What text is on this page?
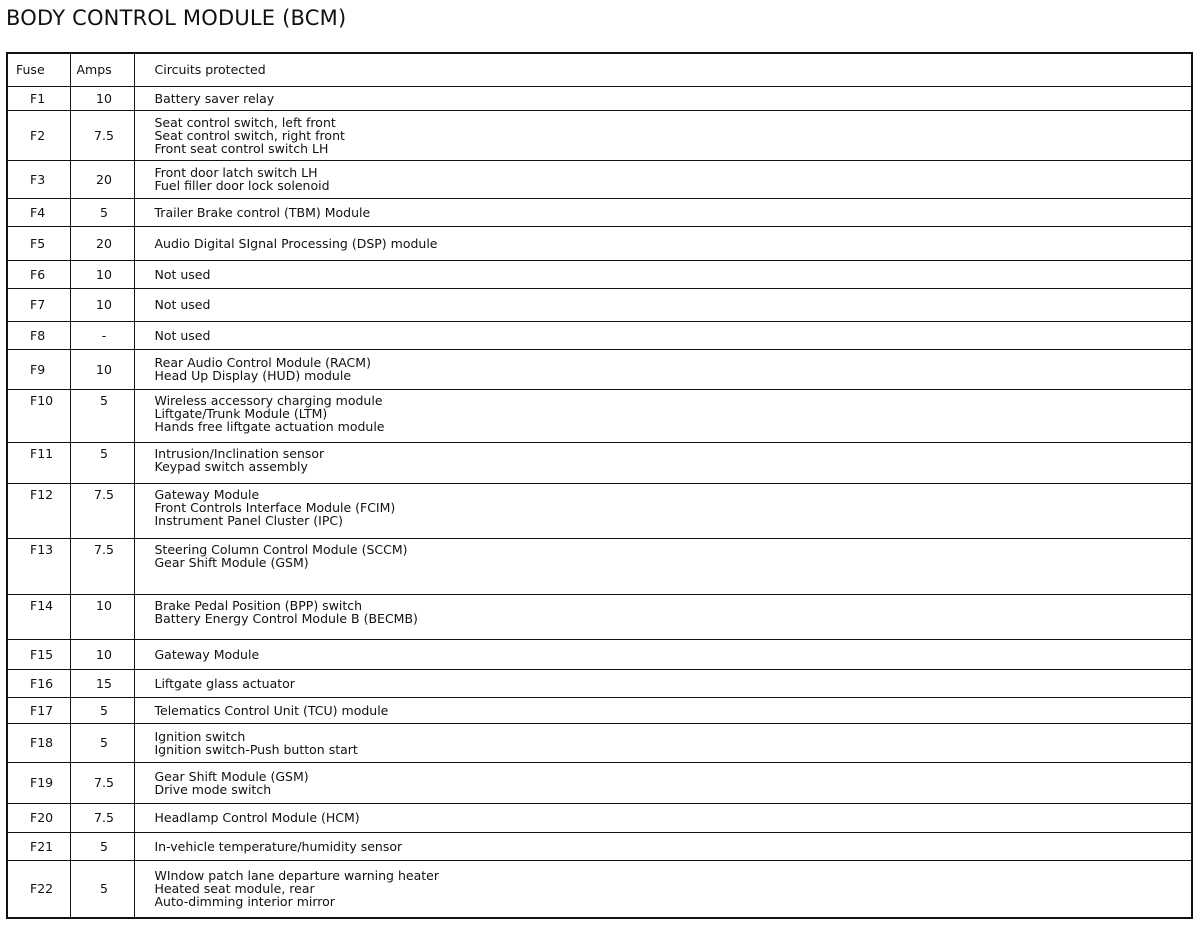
BODY CONTROL MODULE (BCM)
Fuse	Amps	Circuits protected
F1	10	Battery saver relay

F2	7.5	Seat control switch, left front
Seat control switch, right front
Front seat control switch LH

F3	20	Front door latch switch LH
Fuel filler door lock solenoid

F4	5	Trailer Brake control (TBM) Module

F5	20	Audio Digital SIgnal Processing (DSP) module

F6	10	Not used

F7	10	Not used

F8	-	Not used

F9	10	Rear Audio Control Module (RACM)
Head Up Display (HUD) module

F10	5	Wireless accessory charging module
Liftgate/Trunk Module (LTM)
Hands free liftgate actuation module

F11	5	Intrusion/Inclination sensor
Keypad switch assembly

F12	7.5	Gateway Module
Front Controls Interface Module (FCIM)
Instrument Panel Cluster (IPC)

F13	7.5	Steering Column Control Module (SCCM)
Gear Shift Module (GSM)

F14	10	Brake Pedal Position (BPP) switch
Battery Energy Control Module B (BECMB)

F15	10	Gateway Module

F16	15	Liftgate glass actuator

F17	5	Telematics Control Unit (TCU) module

F18	5	Ignition switch
Ignition switch-Push button start

F19	7.5	Gear Shift Module (GSM)
Drive mode switch

F20	7.5	Headlamp Control Module (HCM)

F21	5	In-vehicle temperature/humidity sensor

F22	5	WIndow patch lane departure warning heater
Heated seat module, rear
Auto-dimming interior mirror
